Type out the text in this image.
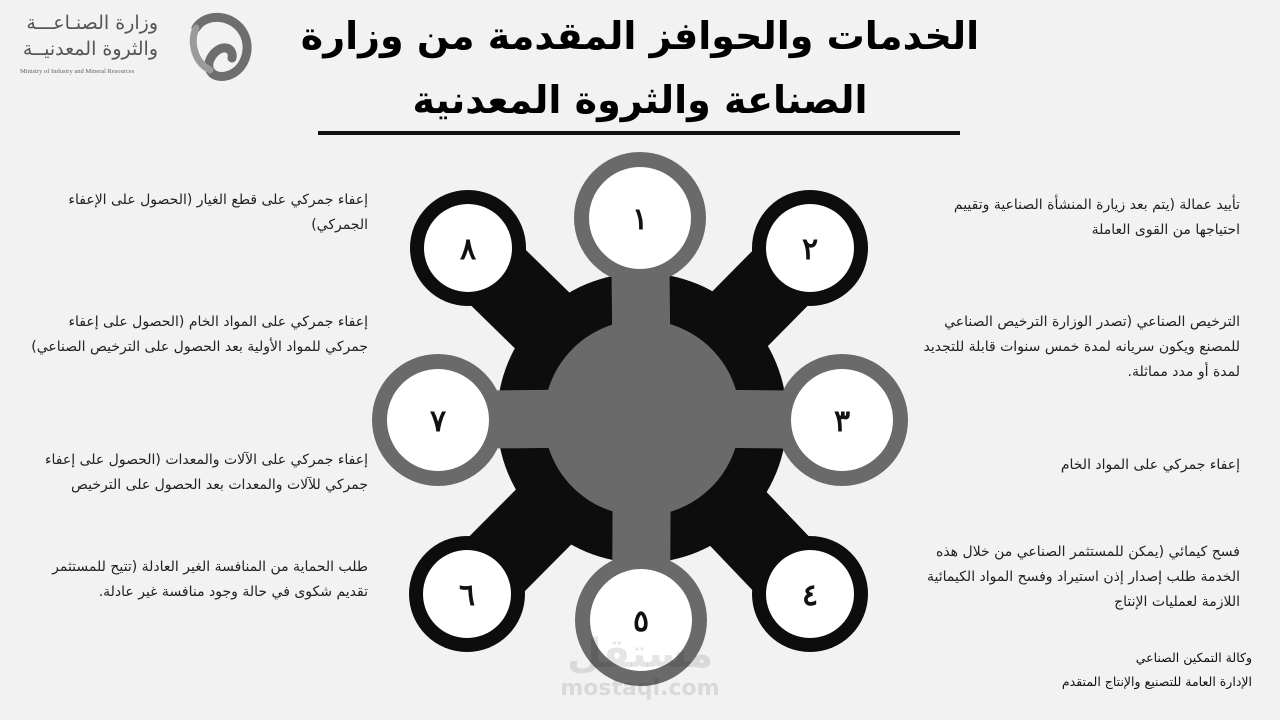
وزارة الصنـاعـــة
والثروة المعدنيــة
Ministry of Industry and Mineral Resources
الخدمات والحوافز المقدمة من وزارة
الصناعة والثروة المعدنية
١
٢
٣
٤
٥
٦
٧
٨
تأييد عمالة (يتم بعد زيارة المنشأة الصناعية وتقييم احتياجها من القوى العاملة
الترخيص الصناعي (تصدر الوزارة الترخيص الصناعي للمصنع ويكون سريانه لمدة خمس سنوات قابلة للتجديد لمدة أو مدد مماثلة.
إعفاء جمركي على المواد الخام
فسح كيمائي (يمكن للمستثمر الصناعي من خلال هذه الخدمة طلب إصدار إذن استيراد وفسح المواد الكيمائية اللازمة لعمليات الإنتاج
إعفاء جمركي على قطع الغيار (الحصول على الإعفاء الجمركي)
إعفاء جمركي على المواد الخام (الحصول على إعفاء جمركي للمواد الأولية بعد الحصول على الترخيص الصناعي)
إعفاء جمركي على الآلات والمعدات (الحصول على إعفاء جمركي للآلات والمعدات بعد الحصول على الترخيص
طلب الحماية من المنافسة الغير العادلة (تتيح للمستثمر تقديم شكوى في حالة وجود منافسة غير عادلة.
وكالة التمكين الصناعي
الإدارة العامة للتصنيع والإنتاج المتقدم
مستقل
mostaql.com
